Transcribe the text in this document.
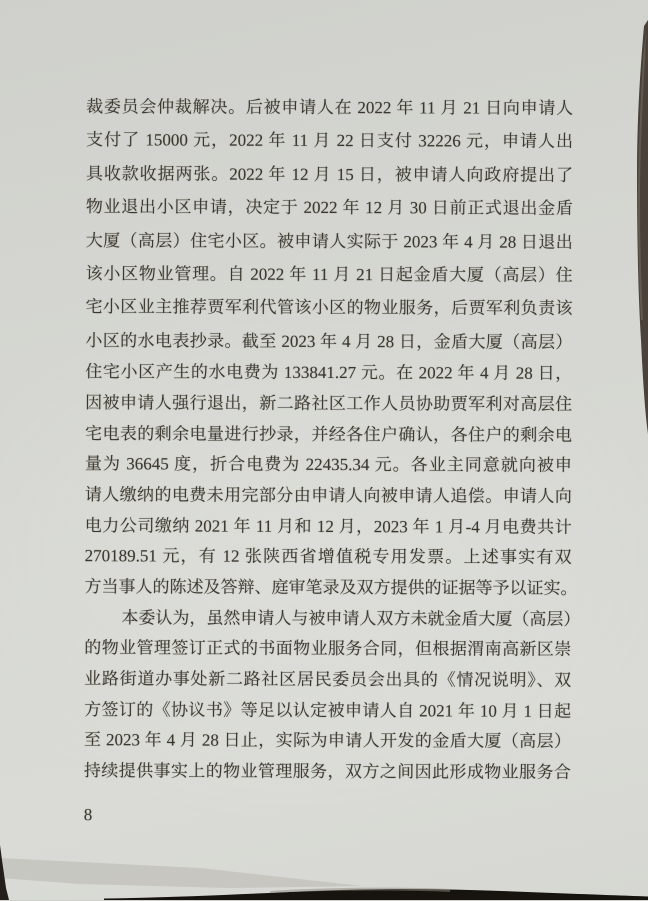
裁委员会仲裁解决。后被申请人在 2022 年 11 月 21 日向申请人
支付了 15000 元，2022 年 11 月 22 日支付 32226 元，申请人出
具收款收据两张。2022 年 12 月 15 日，被申请人向政府提出了
物业退出小区申请，决定于 2022 年 12 月 30 日前正式退出金盾
大厦（高层）住宅小区。被申请人实际于 2023 年 4 月 28 日退出
该小区物业管理。自 2022 年 11 月 21 日起金盾大厦（高层）住
宅小区业主推荐贾军利代管该小区的物业服务，后贾军利负责该
小区的水电表抄录。截至 2023 年 4 月 28 日，金盾大厦（高层）
住宅小区产生的水电费为 133841.27 元。在 2022 年 4 月 28 日，
因被申请人强行退出，新二路社区工作人员协助贾军利对高层住
宅电表的剩余电量进行抄录，并经各住户确认，各住户的剩余电
量为 36645 度，折合电费为 22435.34 元。各业主同意就向被申
请人缴纳的电费未用完部分由申请人向被申请人追偿。申请人向
电力公司缴纳 2021 年 11 月和 12 月，2023 年 1 月-4 月电费共计
270189.51 元，有 12 张陕西省增值税专用发票。上述事实有双
方当事人的陈述及答辩、庭审笔录及双方提供的证据等予以证实。
本委认为，虽然申请人与被申请人双方未就金盾大厦（高层）
的物业管理签订正式的书面物业服务合同，但根据渭南高新区崇
业路街道办事处新二路社区居民委员会出具的《情况说明》、双
方签订的《协议书》等足以认定被申请人自 2021 年 10 月 1 日起
至 2023 年 4 月 28 日止，实际为申请人开发的金盾大厦（高层）
持续提供事实上的物业管理服务，双方之间因此形成物业服务合
8
